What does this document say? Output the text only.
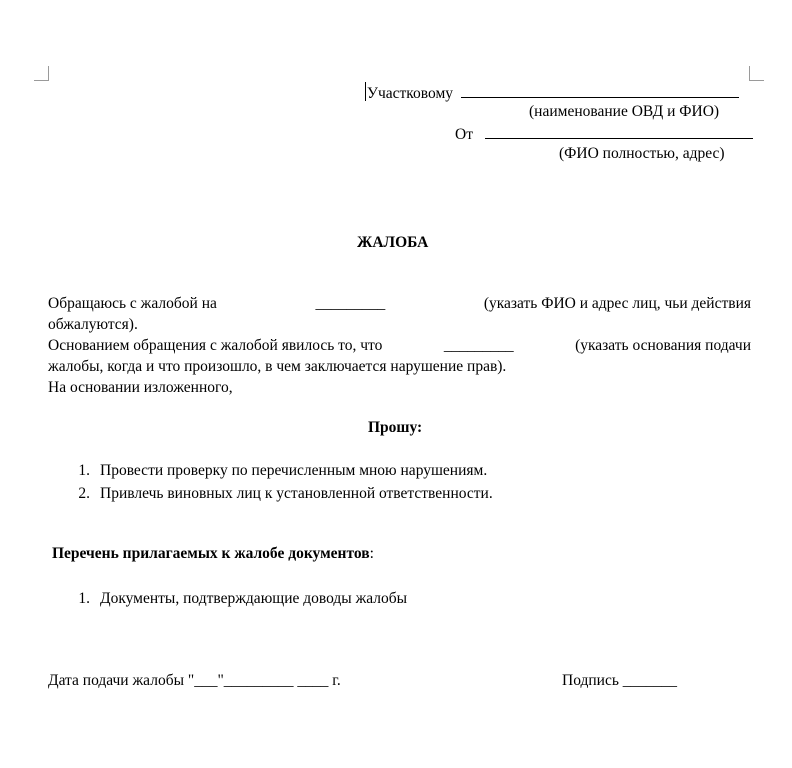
Участковому
(наименование ОВД и ФИО)
От
(ФИО полностью, адрес)
ЖАЛОБА
Обращаюсь с жалобой на	_________	(указать ФИО и адрес лиц, чьи действия
обжалуются).
Основанием обращения с жалобой явилось то, что	_________	(указать основания подачи
жалобы, когда и что произошло, в чем заключается нарушение прав).
На основании изложенного,
Прошу:
1. Провести проверку по перечисленным мною нарушениям.
2. Привлечь виновных лиц к установленной ответственности.
Перечень прилагаемых к жалобе документов:
1. Документы, подтверждающие доводы жалобы
Дата подачи жалобы "___"_________ ____ г.	Подпись _______
